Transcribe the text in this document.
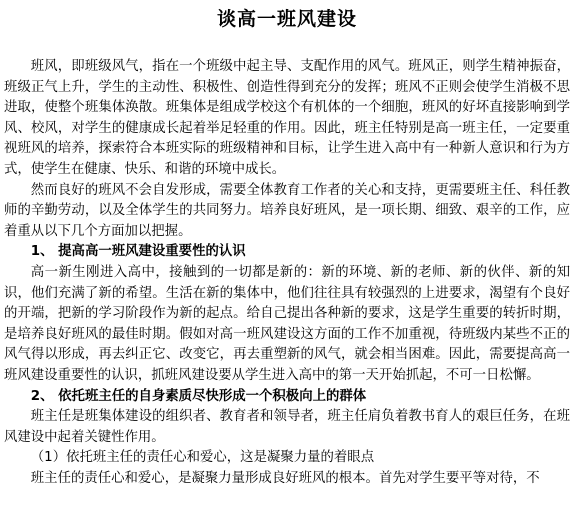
谈高一班风建设

班风，即班级风气，指在一个班级中起主导、支配作用的风气。班风正，则学生精神振奋，班级正气上升，学生的主动性、积极性、创造性得到充分的发挥；班风不正则会使学生消极不思进取，使整个班集体涣散。班集体是组成学校这个有机体的一个细胞，班风的好坏直接影响到学风、校风，对学生的健康成长起着举足轻重的作用。因此，班主任特别是高一班主任，一定要重视班风的培养，探索符合本班实际的班级精神和目标，让学生进入高中有一种新人意识和行为方式，使学生在健康、快乐、和谐的环境中成长。

然而良好的班风不会自发形成，需要全体教育工作者的关心和支持，更需要班主任、科任教师的辛勤劳动，以及全体学生的共同努力。培养良好班风，是一项长期、细致、艰辛的工作，应着重从以下几个方面加以把握。

1、 提高高一班风建设重要性的认识

高一新生刚进入高中，接触到的一切都是新的：新的环境、新的老师、新的伙伴、新的知识，他们充满了新的希望。生活在新的集体中，他们往往具有较强烈的上进要求，渴望有个良好的开端，把新的学习阶段作为新的起点。给自己提出各种新的要求，这是学生重要的转折时期，是培养良好班风的最佳时期。假如对高一班风建设这方面的工作不加重视，待班级内某些不正的风气得以形成，再去纠正它、改变它，再去重塑新的风气，就会相当困难。因此，需要提高高一班风建设重要性的认识，抓班风建设要从学生进入高中的第一天开始抓起，不可一日松懈。

2、 依托班主任的自身素质尽快形成一个积极向上的群体

班主任是班集体建设的组织者、教育者和领导者，班主任肩负着教书育人的艰巨任务，在班风建设中起着关键性作用。

（1）依托班主任的责任心和爱心，这是凝聚力量的着眼点

班主任的责任心和爱心，是凝聚力量形成良好班风的根本。首先对学生要平等对待，不
